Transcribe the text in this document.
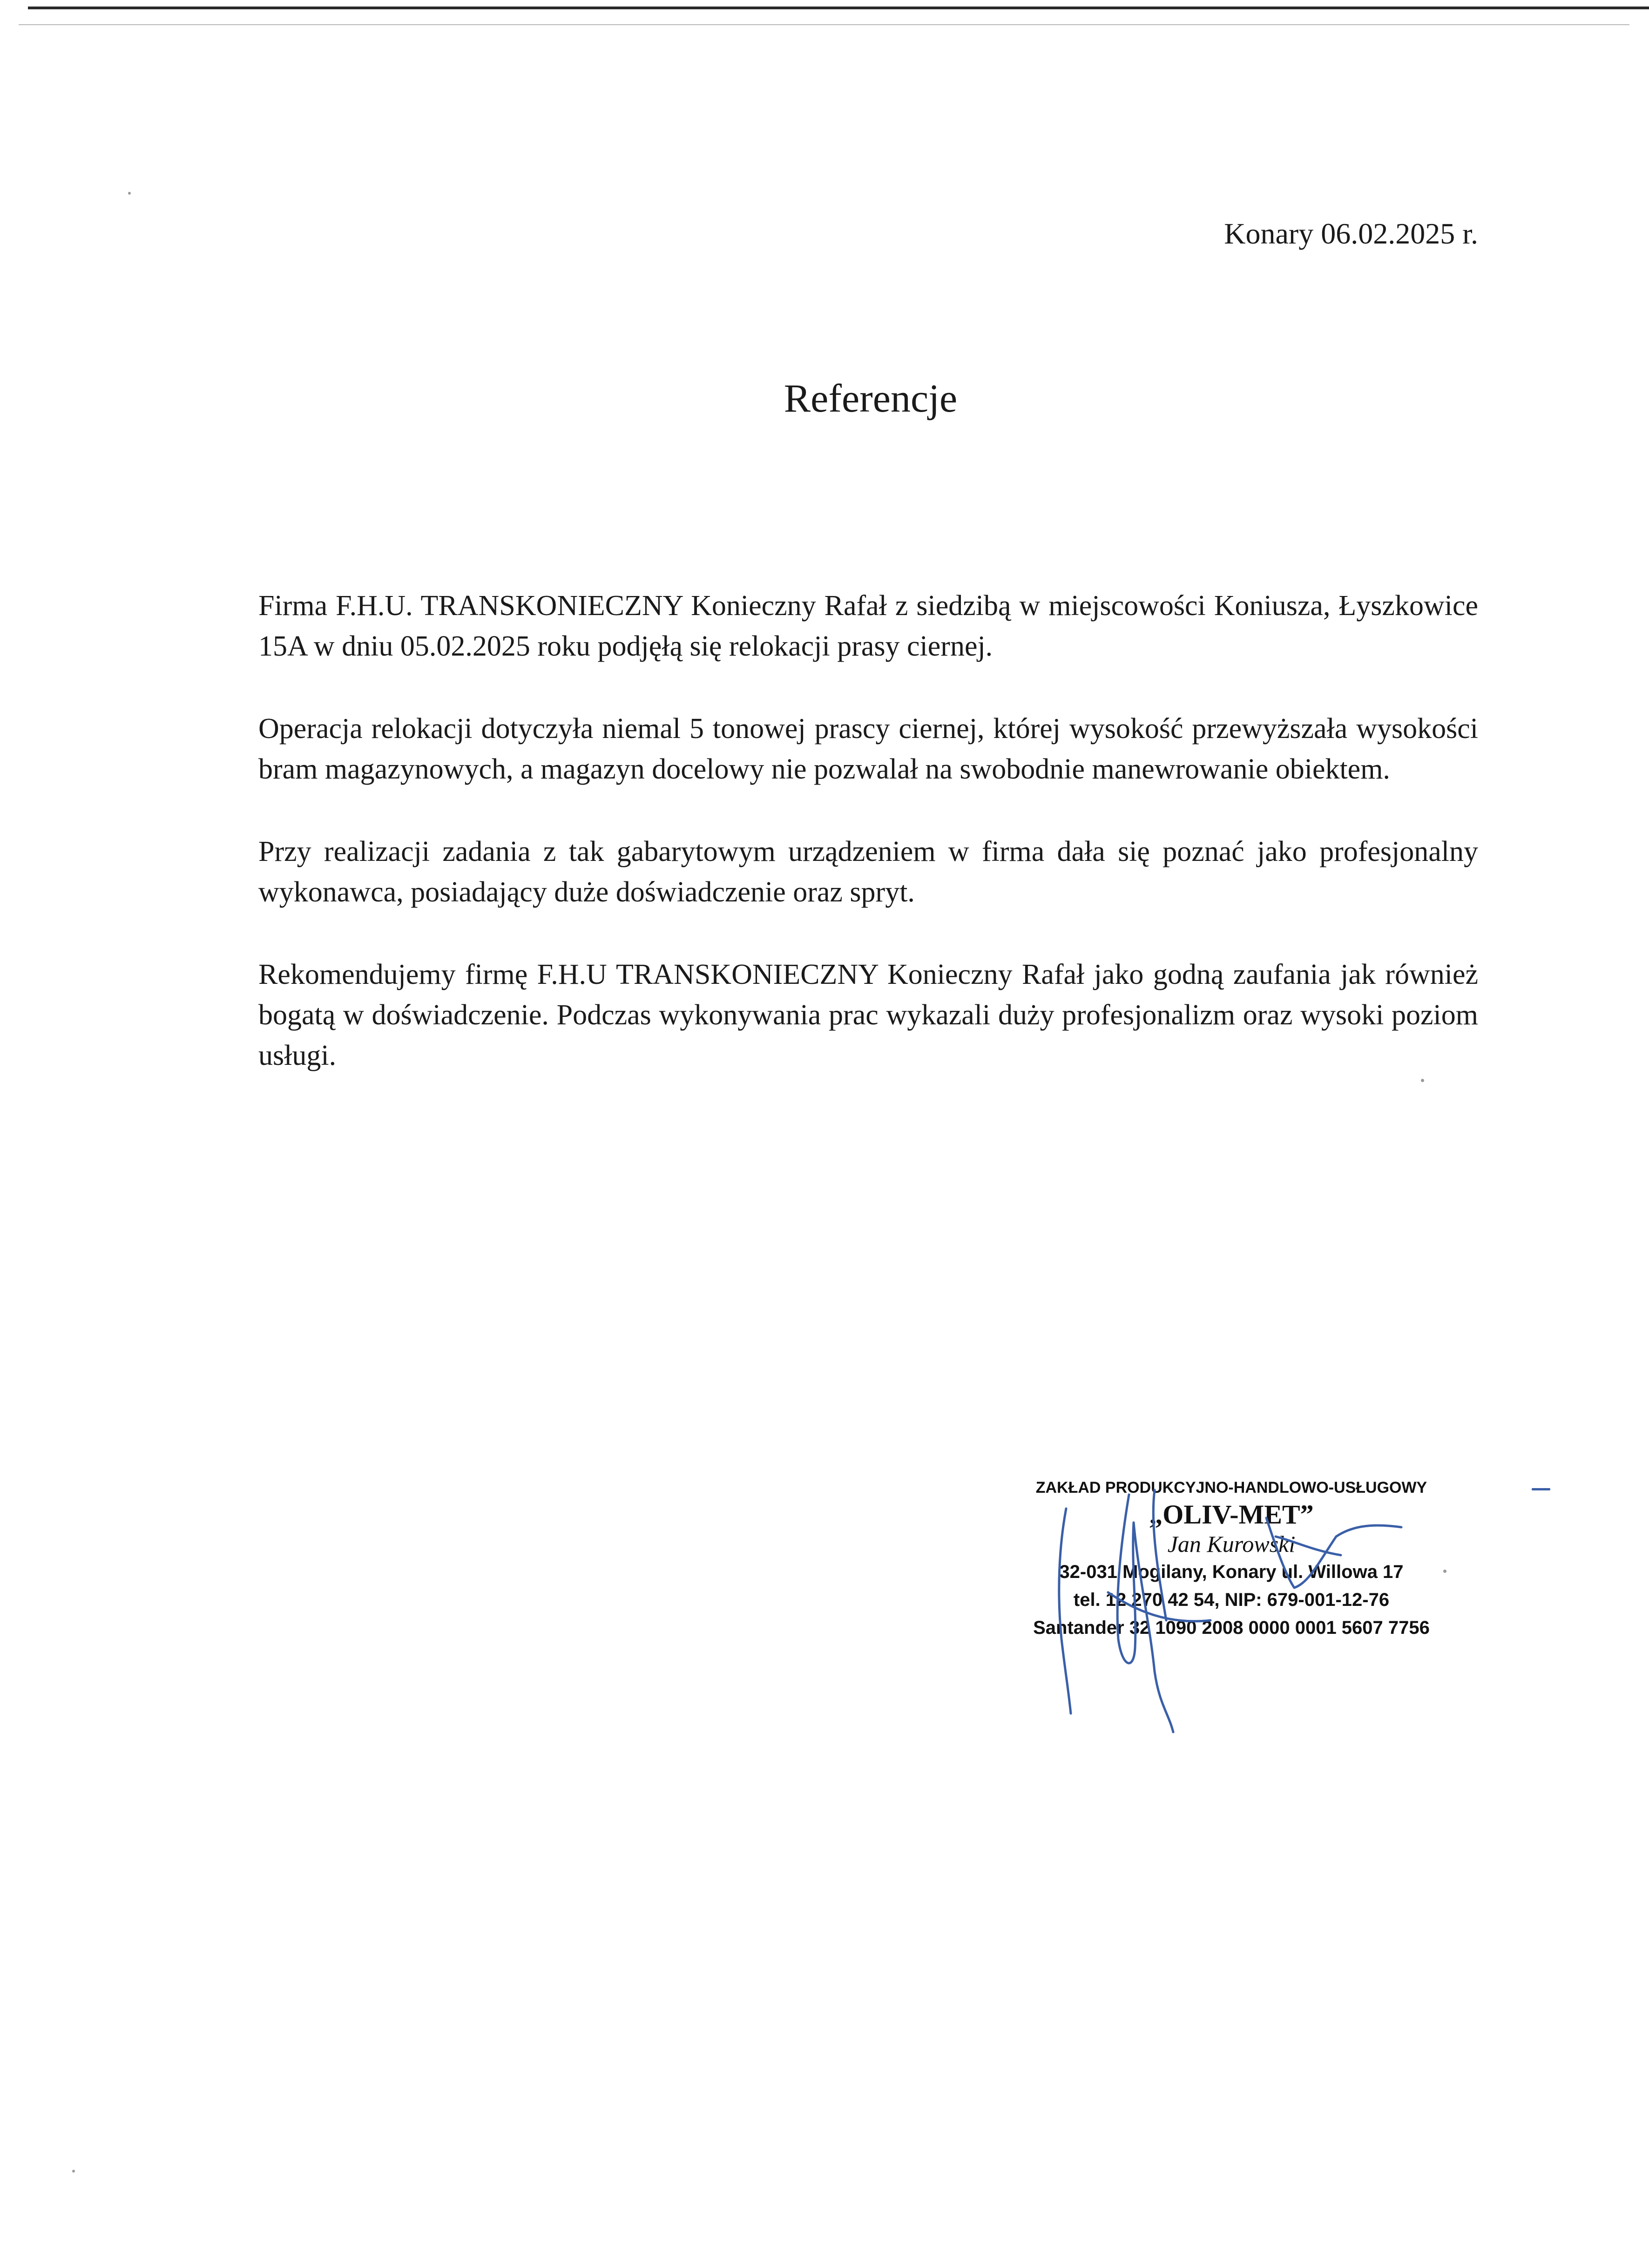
Konary 06.02.2025 r.
Referencje

Firma F.H.U. TRANSKONIECZNY Konieczny Rafał z siedzibą w miejscowości Koniusza, Łyszkowice 15A w dniu 05.02.2025 roku podjęłą się relokacji prasy ciernej.

Operacja relokacji dotyczyła niemal 5 tonowej prascy ciernej, której wysokość przewyższała wysokości bram magazynowych, a magazyn docelowy nie pozwalał na swobodnie manewrowanie obiektem.

Przy realizacji zadania z tak gabarytowym urządzeniem w firma dała się poznać jako profesjonalny wykonawca, posiadający duże doświadczenie oraz spryt.

Rekomendujemy firmę F.H.U TRANSKONIECZNY Konieczny Rafał jako godną zaufania jak również bogatą w doświadczenie. Podczas wykonywania prac wykazali duży profesjonalizm oraz wysoki poziom usługi.

ZAKŁAD PRODUKCYJNO-HANDLOWO-USŁUGOWY
„OLIV-MET”
Jan Kurowski
32-031 Mogilany, Konary ul. Willowa 17
tel. 12 270 42 54, NIP: 679-001-12-76
Santander 32 1090 2008 0000 0001 5607 7756
